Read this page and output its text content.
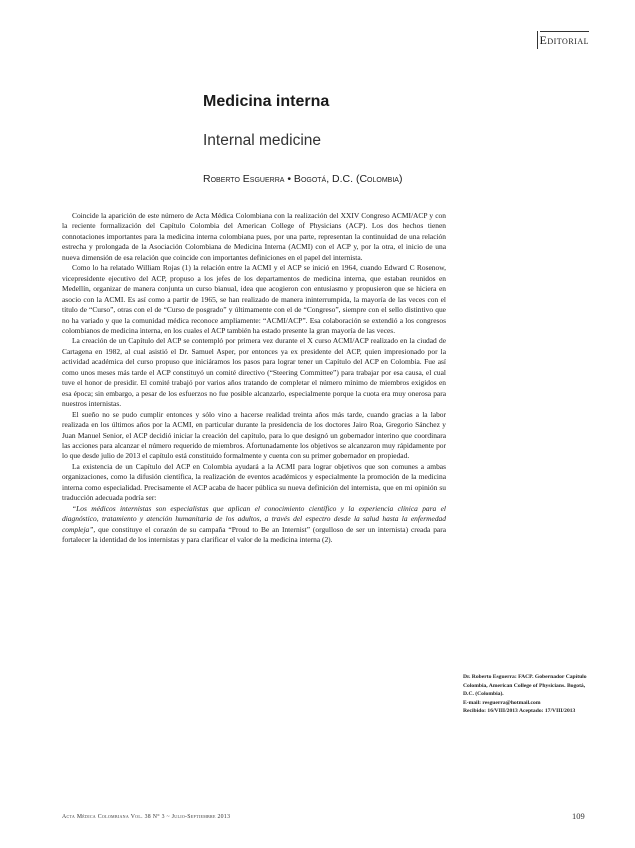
Editorial
Medicina interna
Internal medicine
Roberto Esguerra • Bogotá, D.C. (Colombia)

Coincide la aparición de este número de Acta Médica Colombiana con la realización del XXIV Congreso ACMI/ACP y con la reciente formalización del Capítulo Colombia del American College of Physicians (ACP). Los dos hechos tienen connotaciones importantes para la medicina interna colombiana pues, por una parte, representan la continuidad de una relación estrecha y prolongada de la Asociación Colombiana de Medicina Interna (ACMI) con el ACP y, por la otra, el inicio de una nueva dimensión de esa relación que coincide con importantes definiciones en el papel del internista.

Como lo ha relatado William Rojas (1) la relación entre la ACMI y el ACP se inició en 1964, cuando Edward C Rosenow, vicepresidente ejecutivo del ACP, propuso a los jefes de los departamentos de medicina interna, que estaban reunidos en Medellín, organizar de manera conjunta un curso bianual, idea que acogieron con entusiasmo y propusieron que se hiciera en asocio con la ACMI. Es así como a partir de 1965, se han realizado de manera ininterrumpida, la mayoría de las veces con el título de “Curso”, otras con el de “Curso de posgrado” y últimamente con el de “Congreso”, siempre con el sello distintivo que no ha variado y que la comunidad médica reconoce ampliamente: “ACMI/ACP”. Esa colaboración se extendió a los congresos colombianos de medicina interna, en los cuales el ACP también ha estado presente la gran mayoría de las veces.

La creación de un Capítulo del ACP se contempló por primera vez durante el X curso ACMI/ACP realizado en la ciudad de Cartagena en 1982, al cual asistió el Dr. Samuel Asper, por entonces ya ex presidente del ACP, quien impresionado por la actividad académica del curso propuso que iniciáramos los pasos para lograr tener un Capítulo del ACP en Colombia. Fue así como unos meses más tarde el ACP constituyó un comité directivo (“Steering Committee”) para trabajar por esa causa, el cual tuve el honor de presidir. El comité trabajó por varios años tratando de completar el número mínimo de miembros exigidos en esa época; sin embargo, a pesar de los esfuerzos no fue posible alcanzarlo, especialmente porque la cuota era muy onerosa para nuestros internistas.

El sueño no se pudo cumplir entonces y sólo vino a hacerse realidad treinta años más tarde, cuando gracias a la labor realizada en los últimos años por la ACMI, en particular durante la presidencia de los doctores Jairo Roa, Gregorio Sánchez y Juan Manuel Senior, el ACP decidió iniciar la creación del capítulo, para lo que designó un gobernador interino que coordinara las acciones para alcanzar el número requerido de miembros. Afortunadamente los objetivos se alcanzaron muy rápidamente por lo que desde julio de 2013 el capítulo está constituido formalmente y cuenta con su primer gobernador en propiedad.

La existencia de un Capítulo del ACP en Colombia ayudará a la ACMI para lograr objetivos que son comunes a ambas organizaciones, como la difusión científica, la realización de eventos académicos y especialmente la promoción de la medicina interna como especialidad. Precisamente el ACP acaba de hacer pública su nueva definición del internista, que en mi opinión su traducción adecuada podría ser:

“Los médicos internistas son especialistas que aplican el conocimiento científico y la experiencia clínica para el diagnóstico, tratamiento y atención humanitaria de los adultos, a través del espectro desde la salud hasta la enfermedad compleja”, que constituye el corazón de su campaña “Proud to Be an Internist” (orgulloso de ser un internista) creada para fortalecer la identidad de los internistas y para clarificar el valor de la medicina interna (2).

Dr. Roberto Esguerra: FACP. Gobernador Capítulo Colombia, American College of Physicians. Bogotá, D.C. (Colombia).
E-mail: resguerra@hotmail.com
Recibido: 16/VIII/2013 Aceptado: 17/VIII/2013
Acta Médica Colombiana Vol. 38 N° 3 ~ Julio-Septiembre 2013	109
